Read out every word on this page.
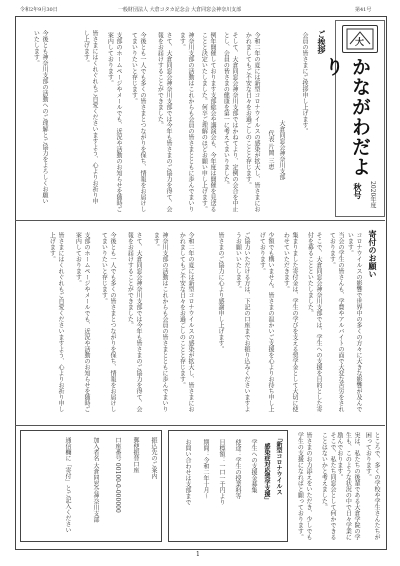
令和2年9月30日	一般財団法人 大倉コタカ記念会 大倉同窓会神奈川支部	第41号
ご挨拶
大倉同窓会神奈川支部
代表 片岡 三恵
会員の皆さまにご挨拶申し上げます。
令和二年の夏には新型コロナウイルスの感染が拡大し、皆さまにおかれましてもご不安な日々をお過ごしのことと存じます。
そして、大倉同窓会神奈川支部ではかねてより、定例の会合を中止とし、会員の皆さまの健康を第一に考えてまいりました。
例年開催しております支部総会や講演会も、今年度は開催を見送ることと決定いたしました。何卒ご理解のほどお願い申し上げます。
神奈川支部の活動はこれからも会員の皆さまとともに歩んでまいります。
さて、大倉同窓会神奈川支部では今年も皆さまのご協力を得て、会報をお届けすることができました。
今後とも一人でも多くの皆さまとつながりを保ち、情報をお届けしてまいりたいと存じます。
支部のホームページやメールでも、近況や活動のお知らせを随時ご案内しております。
皆さまにはくれぐれもご自愛くださいますよう、心よりお祈り申し上げます。
今後とも神奈川支部の活動へのご理解とご協力をよろしくお願いいたします。	大
かながわだより
2020年度
秋号
寄付のお願い
コロナウイルスの影響で世界中の多くの方々に大きな影響が及んでいます。
当会の学生の皆さんも、学費やアルバイトの面で大変な苦労をされております。
そこで、大倉同窓会神奈川支部では、学生への支援を目的とした寄付を募ることといたしました。
集まりました寄付金は、学生の学びを支える奨学金として大切に使わせていただきます。
少額でも構いません。皆さまの温かいご支援を心よりお待ち申し上げております。
ご協力いただける方は、下記の口座までお振り込みくださいますようお願いいたします。
皆さまのご協力に心より感謝申し上げます。
令和二年の夏には新型コロナウイルスの感染が拡大し、皆さまにおかれましてもご不安な日々をお過ごしのことと存じます。
神奈川支部の活動はこれからも会員の皆さまとともに歩んでまいります。
さて、大倉同窓会神奈川支部では今年も皆さまのご協力を得て、会報をお届けすることができました。
今後とも一人でも多くの皆さまとつながりを保ち、情報をお届けしてまいりたいと存じます。
支部のホームページやメールでも、近況や活動のお知らせを随時ご案内しております。
皆さまにはくれぐれもご自愛くださいますよう、心よりお祈り申し上げます。
ところで、多くの学校や学生さんたちが困っております。
実は、私たちの後輩である大倉学院の学生も、このような状況の中で日々学業に励んでおります。
そこで、私たち同窓会として何かできることはないかと考えました。
皆さまのお力添えをいただき、少しでも学生の支援になればと願っております。
「新型コロナウイルス
感染症対応奨学支援」
学生への支援金募集
使途：学生の授業料等
目標額：一口一千円より
期間：令和二年十月〜
お問い合わせは支部まで
振込先のご案内
郵便振替口座
口座番号 00100-0-000000
加入者名 大倉同窓会神奈川支部
通信欄に「寄付」とご記入ください
1
